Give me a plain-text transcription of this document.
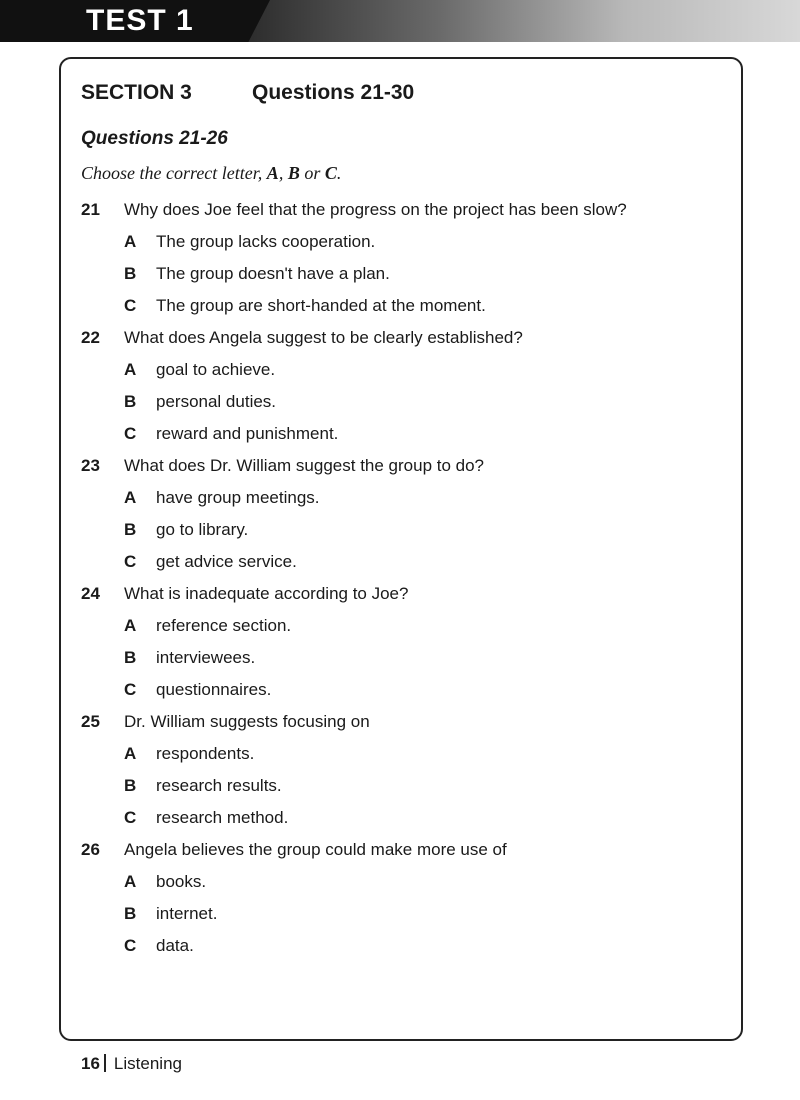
TEST 1
SECTION 3	Questions 21-30
Questions 21-26
Choose the correct letter, A, B or C.
21 Why does Joe feel that the progress on the project has been slow?
A The group lacks cooperation.
B The group doesn't have a plan.
C The group are short-handed at the moment.
22 What does Angela suggest to be clearly established?
A goal to achieve.
B personal duties.
C reward and punishment.
23 What does Dr. William suggest the group to do?
A have group meetings.
B go to library.
C get advice service.
24 What is inadequate according to Joe?
A reference section.
B interviewees.
C questionnaires.
25 Dr. William suggests focusing on
A respondents.
B research results.
C research method.
26 Angela believes the group could make more use of
A books.
B internet.
C data.
16 Listening
